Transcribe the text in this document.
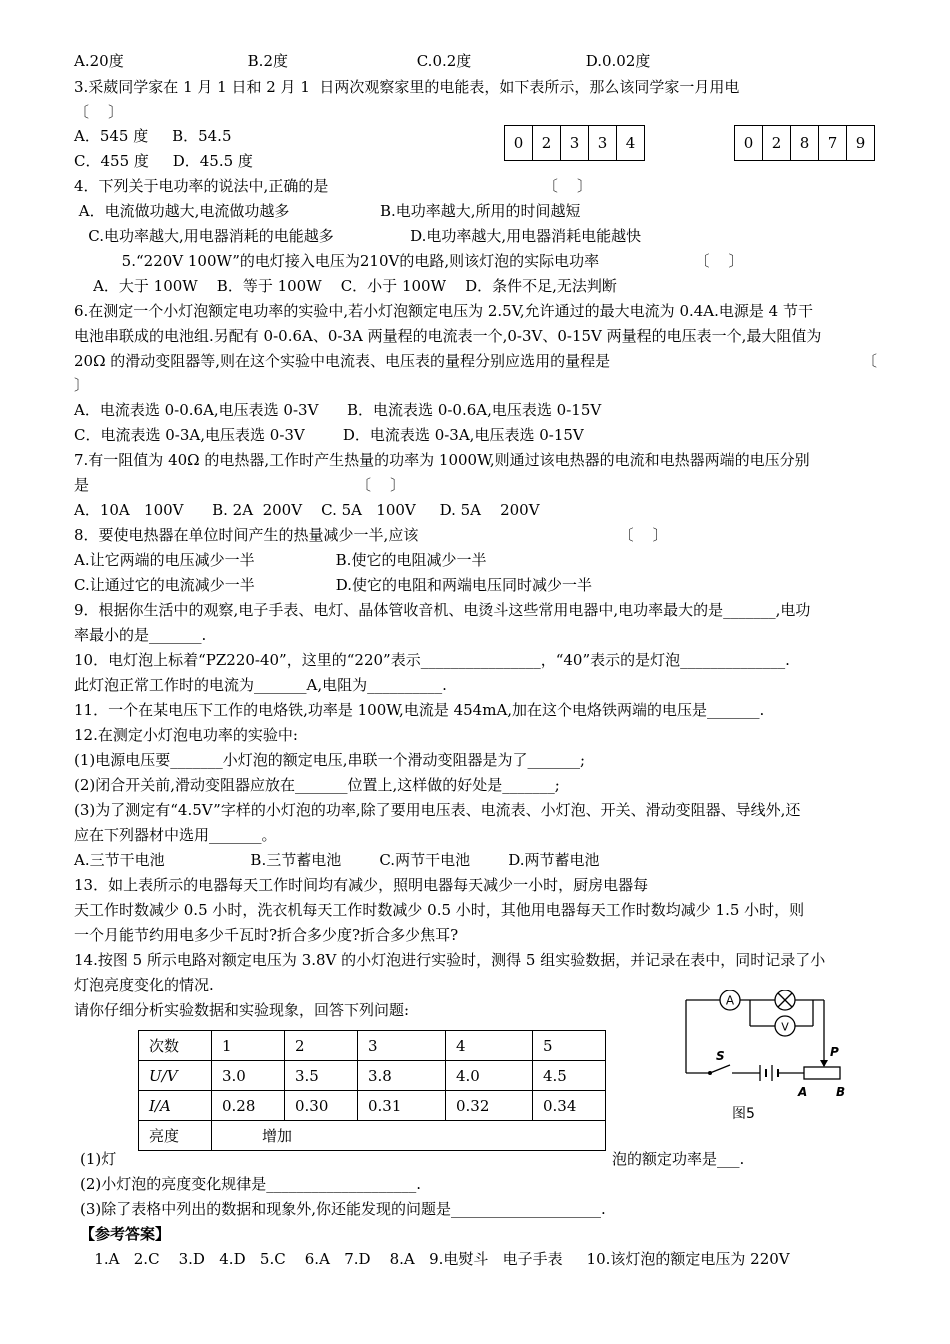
A.20度                          B.2度                           C.0.2度                        D.0.02度
3.采葳同学家在 1 月 1 日和 2 月 1  日两次观察家里的电能表，如下表所示，那么该同学家一月用电
〔    〕
A．545 度     B．54.5
C．455 度     D．45.5 度
4．下列关于电功率的说法中,正确的是                                             〔    〕
A．电流做功越大,电流做功越多                   B.电功率越大,所用的时间越短
C.电功率越大,用电器消耗的电能越多                D.电功率越大,用电器消耗电能越快
5.“220V 100W”的电灯接入电压为210V的电路,则该灯泡的实际电功率                    〔    〕
A．大于 100W    B．等于 100W    C．小于 100W    D．条件不足,无法判断
6.在测定一个小灯泡额定电功率的实验中,若小灯泡额定电压为 2.5V,允许通过的最大电流为 0.4A.电源是 4 节干
电池串联成的电池组.另配有 0-0.6A、0-3A 两量程的电流表一个,0-3V、0-15V 两量程的电压表一个,最大阻值为
20Ω 的滑动变阻器等,则在这个实验中电流表、电压表的量程分别应选用的量程是	〔
〕
A．电流表选 0-0.6A,电压表选 0-3V      B．电流表选 0-0.6A,电压表选 0-15V
C．电流表选 0-3A,电压表选 0-3V        D．电流表选 0-3A,电压表选 0-15V
7.有一阻值为 40Ω 的电热器,工作时产生热量的功率为 1000W,则通过该电热器的电流和电热器两端的电压分别
是                                                        〔    〕
A．10A   100V      B. 2A  200V    C. 5A   100V     D. 5A    200V
8．要使电热器在单位时间产生的热量减少一半,应该                                          〔    〕
A.让它两端的电压减少一半                 B.使它的电阻减少一半
C.让通过它的电流减少一半                 D.使它的电阻和两端电压同时减少一半
9．根据你生活中的观察,电子手表、电灯、晶体管收音机、电烫斗这些常用电器中,电功率最大的是_______,电功
率最小的是_______.
10．电灯泡上标着“PZ220-40”，这里的“220”表示________________，“40”表示的是灯泡______________.
此灯泡正常工作时的电流为_______A,电阻为__________.
11．一个在某电压下工作的电烙铁,功率是 100W,电流是 454mA,加在这个电烙铁两端的电压是_______.
12.在测定小灯泡电功率的实验中:
(1)电源电压要_______小灯泡的额定电压,串联一个滑动变阻器是为了_______;
(2)闭合开关前,滑动变阻器应放在_______位置上,这样做的好处是_______;
(3)为了测定有“4.5V”字样的小灯泡的功率,除了要用电压表、电流表、小灯泡、开关、滑动变阻器、导线外,还
应在下列器材中选用_______。
A.三节干电池                  B.三节蓄电池        C.两节干电池        D.两节蓄电池
13．如上表所示的电器每天工作时间均有减少，照明电器每天减少一小时，厨房电器每
天工作时数减少 0.5 小时，洗衣机每天工作时数减少 0.5 小时，其他用电器每天工作时数均减少 1.5 小时，则
一个月能节约用电多少千瓦时?折合多少度?折合多少焦耳?
14.按图 5 所示电路对额定电压为 3.8V 的小灯泡进行实验时，测得 5 组实验数据，并记录在表中，同时记录了小
灯泡亮度变化的情况.
请你仔细分析实验数据和实验现象，回答下列问题:
(1)灯	泡的额定功率是___.
(2)小灯泡的亮度变化规律是____________________.
(3)除了表格中列出的数据和现象外,你还能发现的问题是____________________.
【参考答案】
1.A   2.C    3.D   4.D   5.C    6.A   7.D    8.A   9.电熨斗   电子手表     10.该灯泡的额定电压为 220V
0	2	3	3	4	0	2	8	7	9
次数	1	2	3	4	5
U/V	3.0	3.5	3.8	4.0	4.5
I/A	0.28	0.30	0.31	0.32	0.34
亮度	增加				
A
V
S	P
A B
图5
